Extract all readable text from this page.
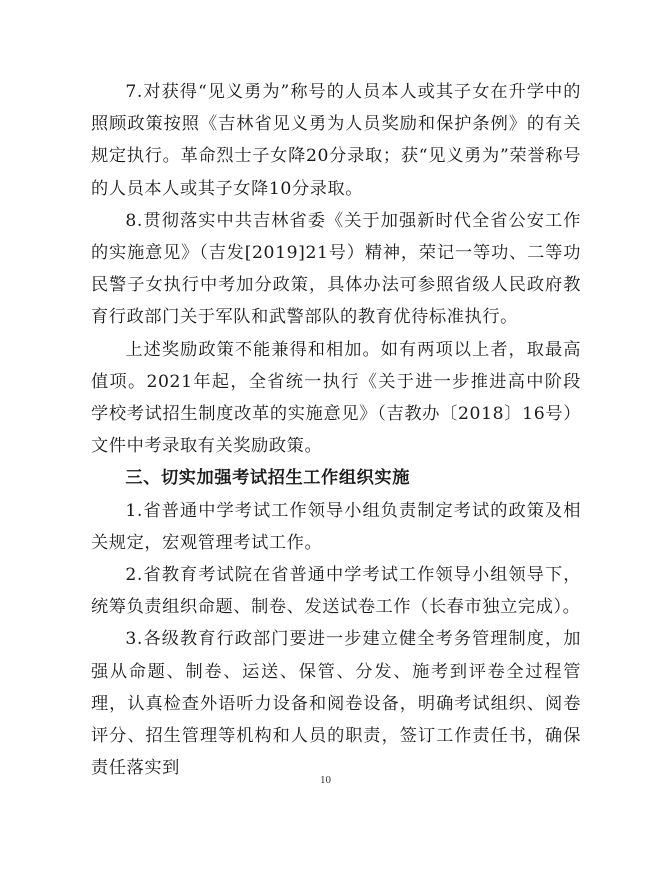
7.对获得“见义勇为”称号的人员本人或其子女在升学中的照顾政策按照《吉林省见义勇为人员奖励和保护条例》的有关规定执行。革命烈士子女降20分录取；获“见义勇为”荣誉称号的人员本人或其子女降10分录取。

8.贯彻落实中共吉林省委《关于加强新时代全省公安工作的实施意见》（吉发[2019]21号）精神，荣记一等功、二等功民警子女执行中考加分政策，具体办法可参照省级人民政府教育行政部门关于军队和武警部队的教育优待标准执行。

上述奖励政策不能兼得和相加。如有两项以上者，取最高值项。2021年起，全省统一执行《关于进一步推进高中阶段学校考试招生制度改革的实施意见》（吉教办〔2018〕16号）文件中考录取有关奖励政策。

三、切实加强考试招生工作组织实施

1.省普通中学考试工作领导小组负责制定考试的政策及相关规定，宏观管理考试工作。

2.省教育考试院在省普通中学考试工作领导小组领导下，统筹负责组织命题、制卷、发送试卷工作（长春市独立完成）。

3.各级教育行政部门要进一步建立健全考务管理制度，加强从命题、制卷、运送、保管、分发、施考到评卷全过程管理，认真检查外语听力设备和阅卷设备，明确考试组织、阅卷评分、招生管理等机构和人员的职责，签订工作责任书，确保责任落实到

10
